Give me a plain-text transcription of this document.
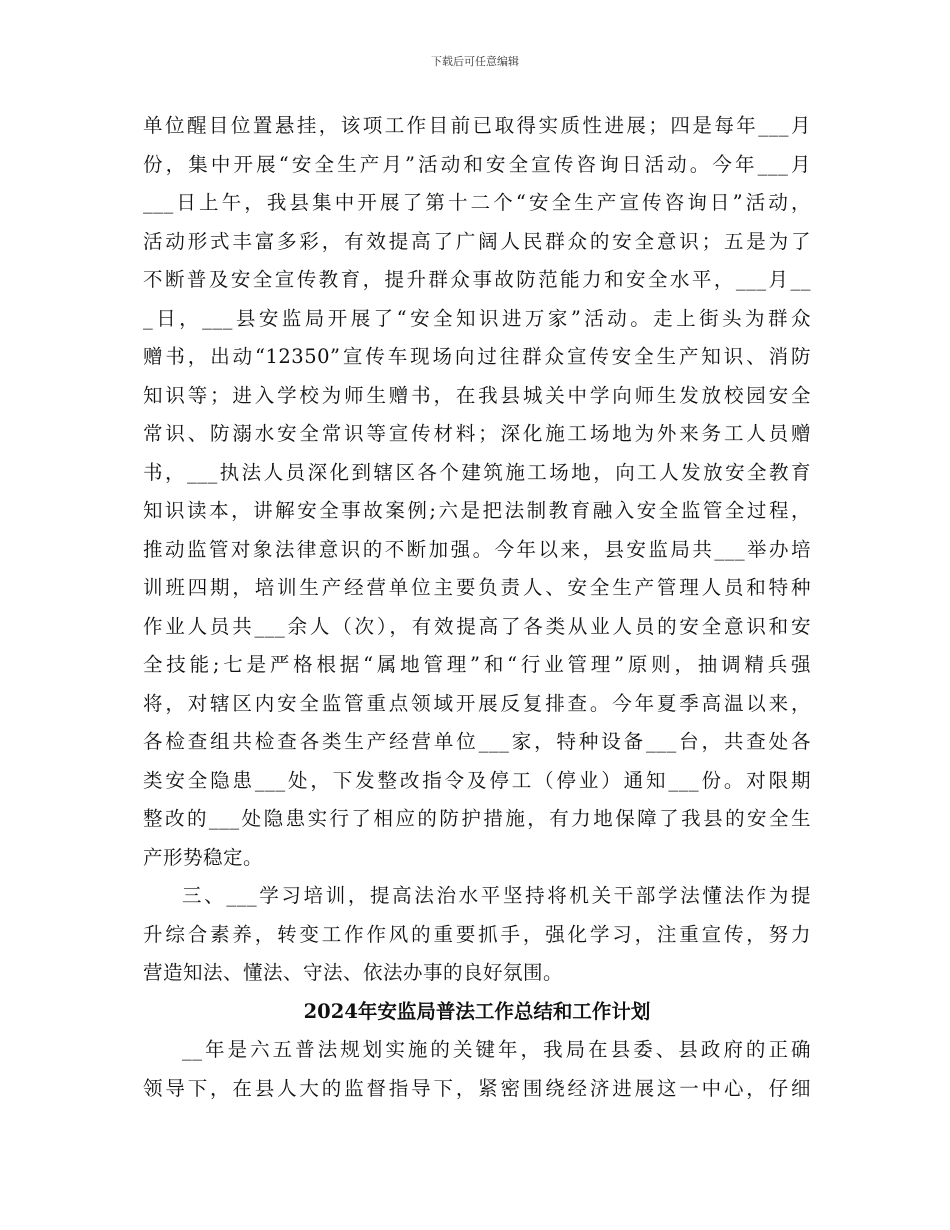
下载后可任意编辑
单位醒目位置悬挂，该项工作目前已取得实质性进展；四是每年___月
份，集中开展“安全生产月”活动和安全宣传咨询日活动。今年___月
___日上午，我县集中开展了第十二个“安全生产宣传咨询日”活动，
活动形式丰富多彩，有效提高了广阔人民群众的安全意识；五是为了
不断普及安全宣传教育，提升群众事故防范能力和安全水平，___月__
_日，___县安监局开展了“安全知识进万家”活动。走上街头为群众
赠书，出动“12350”宣传车现场向过往群众宣传安全生产知识、消防
知识等；进入学校为师生赠书，在我县城关中学向师生发放校园安全
常识、防溺水安全常识等宣传材料；深化施工场地为外来务工人员赠
书，___执法人员深化到辖区各个建筑施工场地，向工人发放安全教育
知识读本，讲解安全事故案例;六是把法制教育融入安全监管全过程，
推动监管对象法律意识的不断加强。今年以来，县安监局共___举办培
训班四期，培训生产经营单位主要负责人、安全生产管理人员和特种
作业人员共___余人（次），有效提高了各类从业人员的安全意识和安
全技能;七是严格根据“属地管理”和“行业管理”原则，抽调精兵强
将，对辖区内安全监管重点领域开展反复排查。今年夏季高温以来，
各检查组共检查各类生产经营单位___家，特种设备___台，共查处各
类安全隐患___处，下发整改指令及停工（停业）通知___份。对限期
整改的___处隐患实行了相应的防护措施，有力地保障了我县的安全生
产形势稳定。
三、___学习培训，提高法治水平坚持将机关干部学法懂法作为提
升综合素养，转变工作作风的重要抓手，强化学习，注重宣传，努力
营造知法、懂法、守法、依法办事的良好氛围。
2024年安监局普法工作总结和工作计划
__年是六五普法规划实施的关键年，我局在县委、县政府的正确
领导下，在县人大的监督指导下，紧密围绕经济进展这一中心，仔细
